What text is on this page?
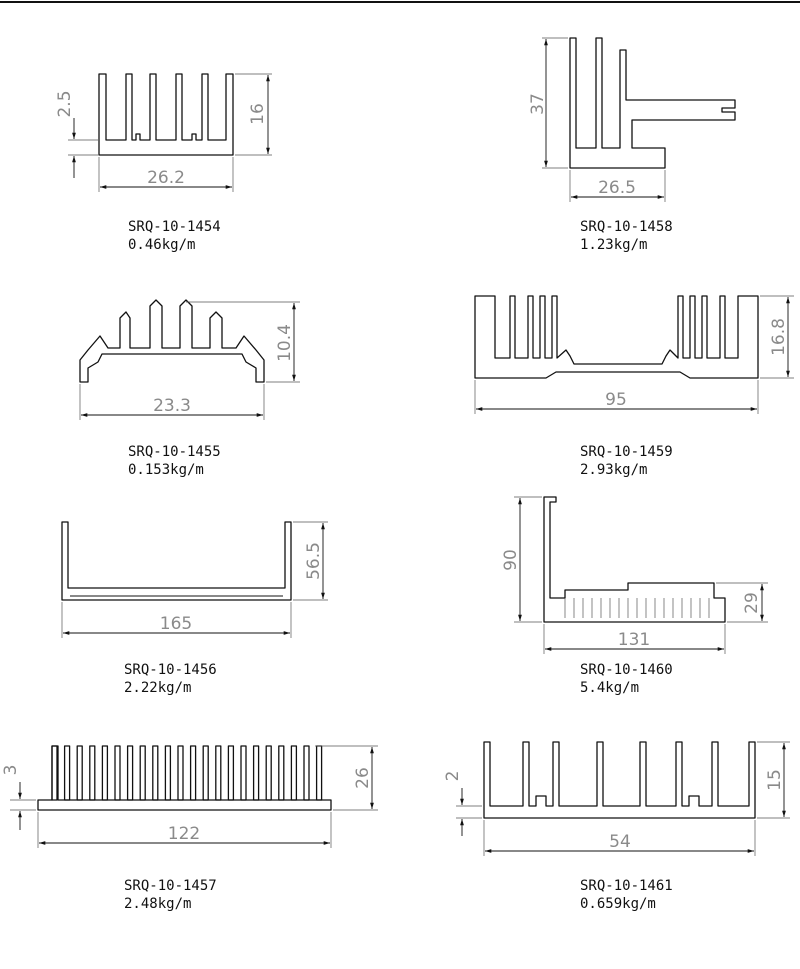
26.2
16
2.5
SRQ-10-1454
0.46kg/m
37
26.5
SRQ-10-1458
1.23kg/m
10.4
23.3
SRQ-10-1455
0.153kg/m
95
16.8
SRQ-10-1459
2.93kg/m
56.5
165
SRQ-10-1456
2.22kg/m
90
29
131
SRQ-10-1460
5.4kg/m
26
3
122
SRQ-10-1457
2.48kg/m
2	15
54
SRQ-10-1461
0.659kg/m
